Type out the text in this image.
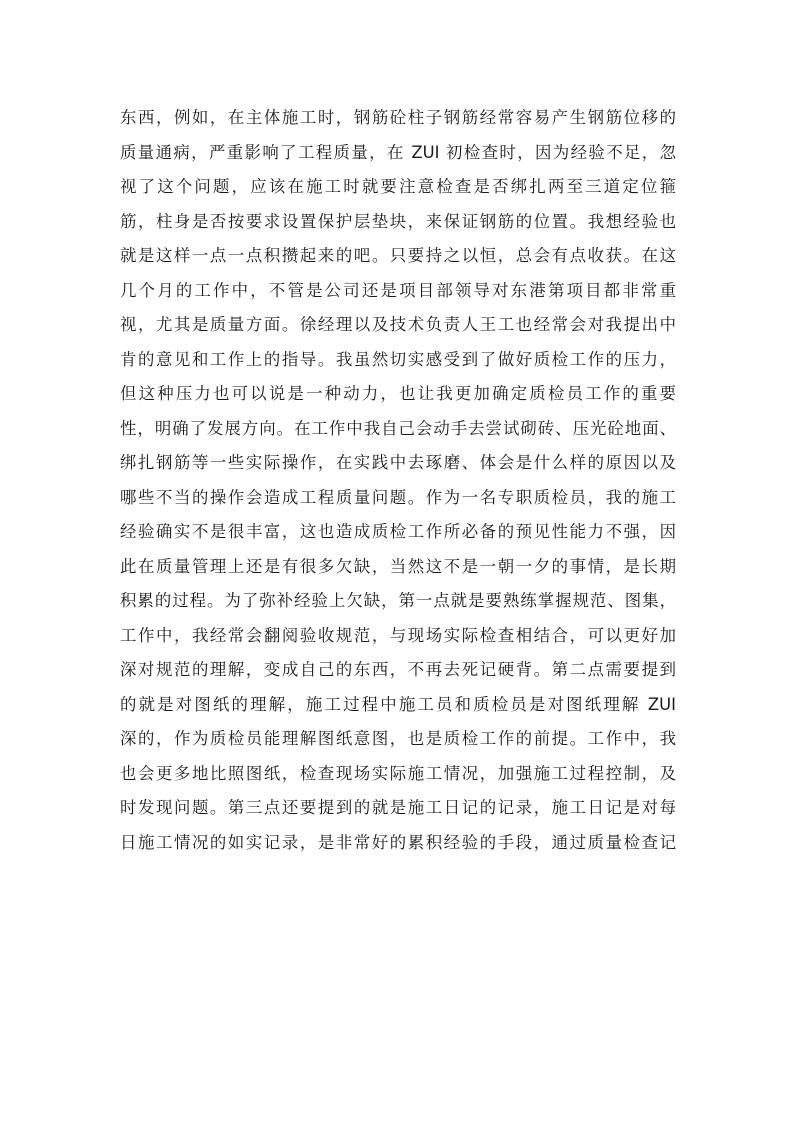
东西，例如，在主体施工时，钢筋砼柱子钢筋经常容易产生钢筋位移的
质量通病，严重影响了工程质量，在 ZUI 初检查时，因为经验不足，忽
视了这个问题，应该在施工时就要注意检查是否绑扎两至三道定位箍
筋，柱身是否按要求设置保护层垫块，来保证钢筋的位置。我想经验也
就是这样一点一点积攒起来的吧。只要持之以恒，总会有点收获。在这
几个月的工作中，不管是公司还是项目部领导对东港第项目都非常重
视，尤其是质量方面。徐经理以及技术负责人王工也经常会对我提出中
肯的意见和工作上的指导。我虽然切实感受到了做好质检工作的压力，
但这种压力也可以说是一种动力，也让我更加确定质检员工作的重要
性，明确了发展方向。在工作中我自己会动手去尝试砌砖、压光砼地面、
绑扎钢筋等一些实际操作，在实践中去琢磨、体会是什么样的原因以及
哪些不当的操作会造成工程质量问题。作为一名专职质检员，我的施工
经验确实不是很丰富，这也造成质检工作所必备的预见性能力不强，因
此在质量管理上还是有很多欠缺，当然这不是一朝一夕的事情，是长期
积累的过程。为了弥补经验上欠缺，第一点就是要熟练掌握规范、图集，
工作中，我经常会翻阅验收规范，与现场实际检查相结合，可以更好加
深对规范的理解，变成自己的东西，不再去死记硬背。第二点需要提到
的就是对图纸的理解，施工过程中施工员和质检员是对图纸理解 ZUI
深的，作为质检员能理解图纸意图，也是质检工作的前提。工作中，我
也会更多地比照图纸，检查现场实际施工情况，加强施工过程控制，及
时发现问题。第三点还要提到的就是施工日记的记录，施工日记是对每
日施工情况的如实记录，是非常好的累积经验的手段，通过质量检查记
